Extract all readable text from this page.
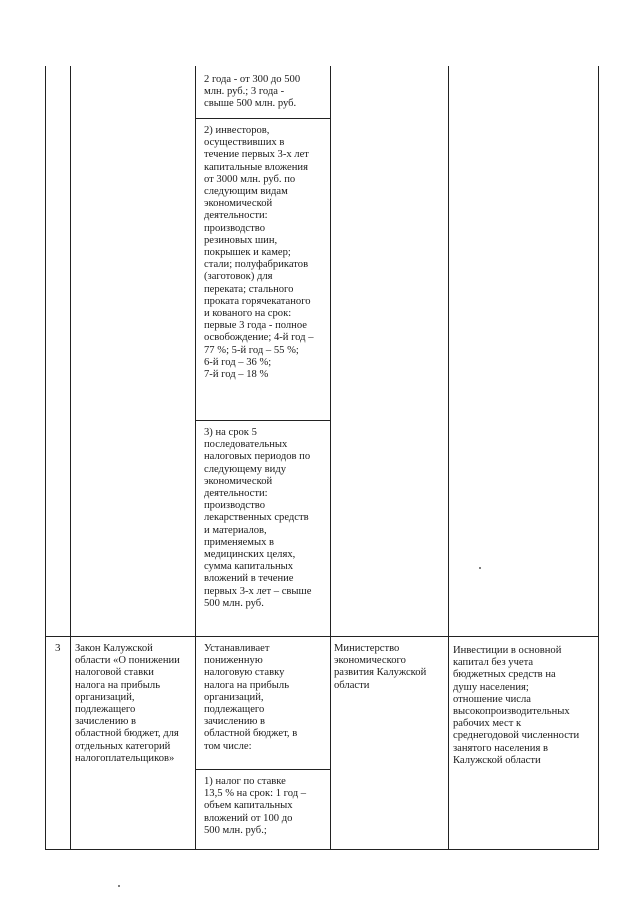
2 года - от 300 до 500
млн. руб.; 3 года -
свыше 500 млн. руб.
2) инвесторов,
осуществивших в
течение первых 3-х лет
капитальные вложения
от 3000 млн. руб. по
следующим видам
экономической
деятельности:
производство
резиновых шин,
покрышек и камер;
стали; полуфабрикатов
(заготовок) для
перекатa; стального
проката горячекатаного
и кованого на срок:
первые 3 года - полное
освобождение; 4-й год –
77 %; 5-й год – 55 %;
6-й год – 36 %;
7-й год – 18 %
3) на срок 5
последовательных
налоговых периодов по
следующему виду
экономической
деятельности:
производство
лекарственных средств
и материалов,
применяемых в
медицинских целях,
сумма капитальных
вложений в течение
первых 3-х лет – свыше
500 млн. руб.
3 Закон Калужской
области «О понижении
налоговой ставки
налога на прибыль
организаций,
подлежащего
зачислению в
областной бюджет, для
отдельных категорий
налогоплательщиков»
Устанавливает
пониженную
налоговую ставку
налога на прибыль
организаций,
подлежащего
зачислению в
областной бюджет, в
том числе:
1) налог по ставке
13,5 % на срок: 1 год –
объем капитальных
вложений от 100 до
500 млн. руб.;
Министерство
экономического
развития Калужской
области
Инвестиции в основной
капитал без учета
бюджетных средств на
душу населения;
отношение числа
высокопроизводительных
рабочих мест к
среднегодовой численности
занятого населения в
Калужской области
